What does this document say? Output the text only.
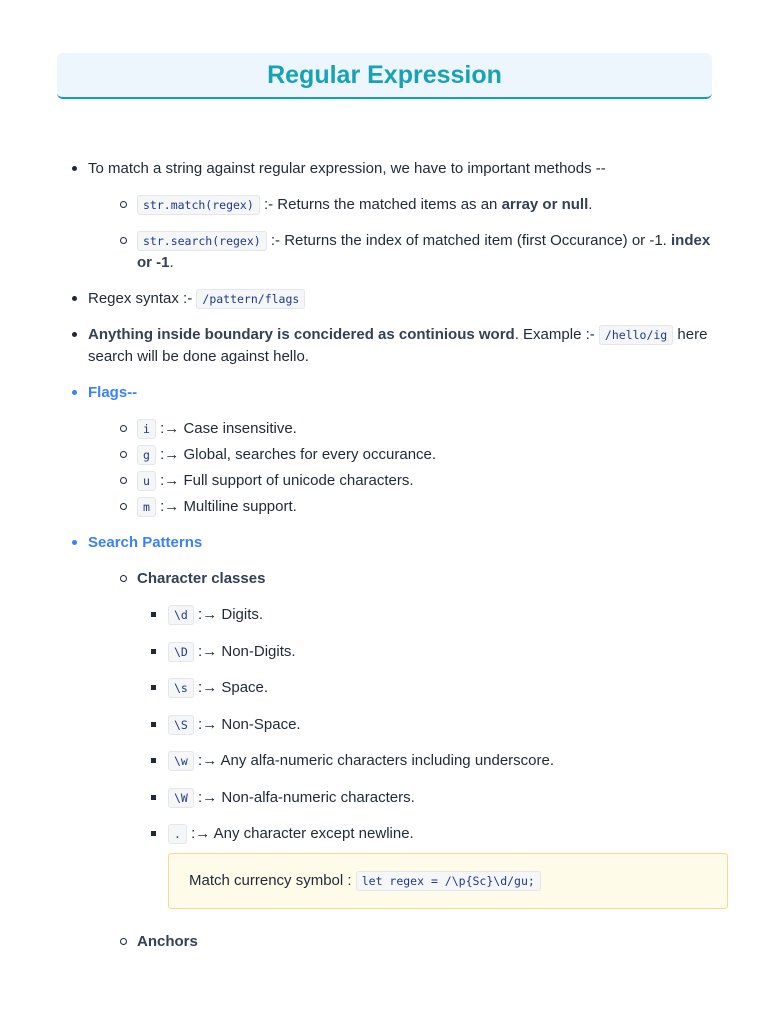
Regular Expression
To match a string against regular expression, we have to important methods --
str.match(regex) :- Returns the matched items as an array or null.
str.search(regex) :- Returns the index of matched item (first Occurance) or -1. index or -1.
Regex syntax :- /pattern/flags
Anything inside boundary is concidered as continious word. Example :- /hello/ig here search will be done against hello.
Flags--
i :→ Case insensitive.
g :→ Global, searches for every occurance.
u :→ Full support of unicode characters.
m :→ Multiline support.
Search Patterns
Character classes
\d :→ Digits.
\D :→ Non-Digits.
\s :→ Space.
\S :→ Non-Space.
\w :→ Any alfa-numeric characters including underscore.
\W :→ Non-alfa-numeric characters.
. :→ Any character except newline.
Match currency symbol : let regex = /\p{Sc}\d/gu;
Anchors
